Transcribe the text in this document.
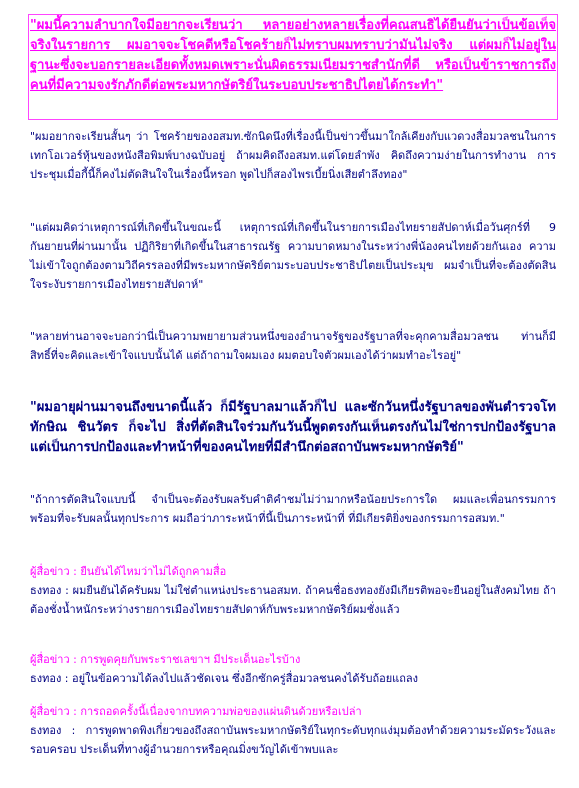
"ผมนี้ความลำบากใจมีอยากจะเรียนว่า หลายอย่างหลายเรื่องที่คณสนธิได้ยืนยันว่าเป็นข้อเท็จจริงในรายการ ผมอาจจะโชคดีหรือโชคร้ายก็ไม่ทราบผมทราบว่ามันไม่จริง แต่ผมก็ไม่อยู่ในฐานะซึ่งจะบอกรายละเอียดทั้งหมดเพราะนั่นผิดธรรมเนียมราชสำนักที่ดี หรือเป็นข้าราชการถึงคนที่มีความจงรักภักดีต่อพระมหากษัตริย์ในระบอบประชาธิปไตยได้กระทำ"
"ผมอยากจะเรียนสั้นๆ ว่า โชคร้ายของอสมท.ซักนิดนึงที่เรื่องนี้เป็นข่าวขึ้นมาใกล้เคียงกับแวดวงสื่อมวลชนในการเทกโอเวอร์หุ้นของหนังสือพิมพ์บางฉบับอยู่ ถ้าผมคิดถึงอสมท.แต่โดยลำพัง คิดถึงความง่ายในการทำงาน การประชุมเมื่อกี้นี้ก็คงไม่ตัดสินใจในเรื่องนี้หรอก พูดไปก็สองไพรเบี้ยนิ่งเสียตำลึงทอง"
"แต่ผมคิดว่าเหตุการณ์ที่เกิดขึ้นในขณะนี้ เหตุการณ์ที่เกิดขึ้นในรายการเมืองไทยรายสัปดาห์เมื่อวันศุกร์ที่ 9 กันยายนที่ผ่านมานั้น ปฏิกิริยาที่เกิดขึ้นในสาธารณรัฐ ความบาดหมางในระหว่างพี่น้องคนไทยด้วยกันเอง ความไม่เข้าใจถูกต้องตามวิถีครรลองที่มีพระมหากษัตริย์ตามระบอบประชาธิปไตยเป็นประมุข ผมจำเป็นที่จะต้องตัดสินใจระงับรายการเมืองไทยรายสัปดาห์"
"หลายท่านอาจจะบอกว่านี่เป็นความพยายามส่วนหนึ่งของอำนาจรัฐของรัฐบาลที่จะคุกคามสื่อมวลชน ท่านก็มีสิทธิ์ที่จะคิดและเข้าใจแบบนั้นได้ แต่ถ้าถามใจผมเอง ผมตอบใจตัวผมเองได้ว่าผมทำอะไรอยู่"
"ผมอายุผ่านมาจนถึงขนาดนี้แล้ว ก็มีรัฐบาลมาแล้วก็ไป และซักวันหนึ่งรัฐบาลของพันตำรวจโท ทักษิณ ชินวัตร ก็จะไป สิ่งที่ตัดสินใจร่วมกันวันนี้พูดตรงกันเห็นตรงกันไม่ใช่การปกป้องรัฐบาล แต่เป็นการปกป้องและทำหน้าที่ของคนไทยที่มีสำนึกต่อสถาบันพระมหากษัตริย์"
"ถ้าการตัดสินใจแบบนี้ จำเป็นจะต้องรับผลรับคำติคำชมไม่ว่ามากหรือน้อยประการใด ผมและเพื่อนกรรมการพร้อมที่จะรับผลนั้นทุกประการ ผมถือว่าภาระหน้าที่นี้เป็นภาระหน้าที่ ที่มีเกียรติยิ่งของกรรมการอสมท."
ผู้สื่อข่าว : ยืนยันได้ไหมว่าไม่ได้ถูกคามสื่อ
ธงทอง : ผมยืนยันได้ครับผม ไม่ใช่ตำแหน่งประธานอสมท. ถ้าคนชื่อธงทองยังมีเกียรติพอจะยืนอยู่ในสังคมไทย ถ้าต้องชั่งน้ำหนักระหว่างรายการเมืองไทยรายสัปดาห์กับพระมหากษัตริย์ผมชั่งแล้ว
ผู้สื่อข่าว : การพูดคุยกับพระราชเลขาฯ มีประเด็นอะไรบ้าง
ธงทอง : อยู่ในข้อความได้ลงไปแล้วชัดเจน ซึ่งอีกซักครู่สื่อมวลชนคงได้รับถ้อยแถลง
ผู้สื่อข่าว : การถอดครั้งนี้เนื่องจากบทความพ่อของแผ่นดินด้วยหรือเปล่า
ธงทอง : การพูดพาดพิงเกี่ยวของถึงสถาบันพระมหากษัตริย์ในทุกระดับทุกแง่มุมต้องทำด้วยความระมัดระวังและรอบครอบ ประเด็นที่ทางผู้อำนวยการหรือคุณมิ่งขวัญได้เข้าพบและ
